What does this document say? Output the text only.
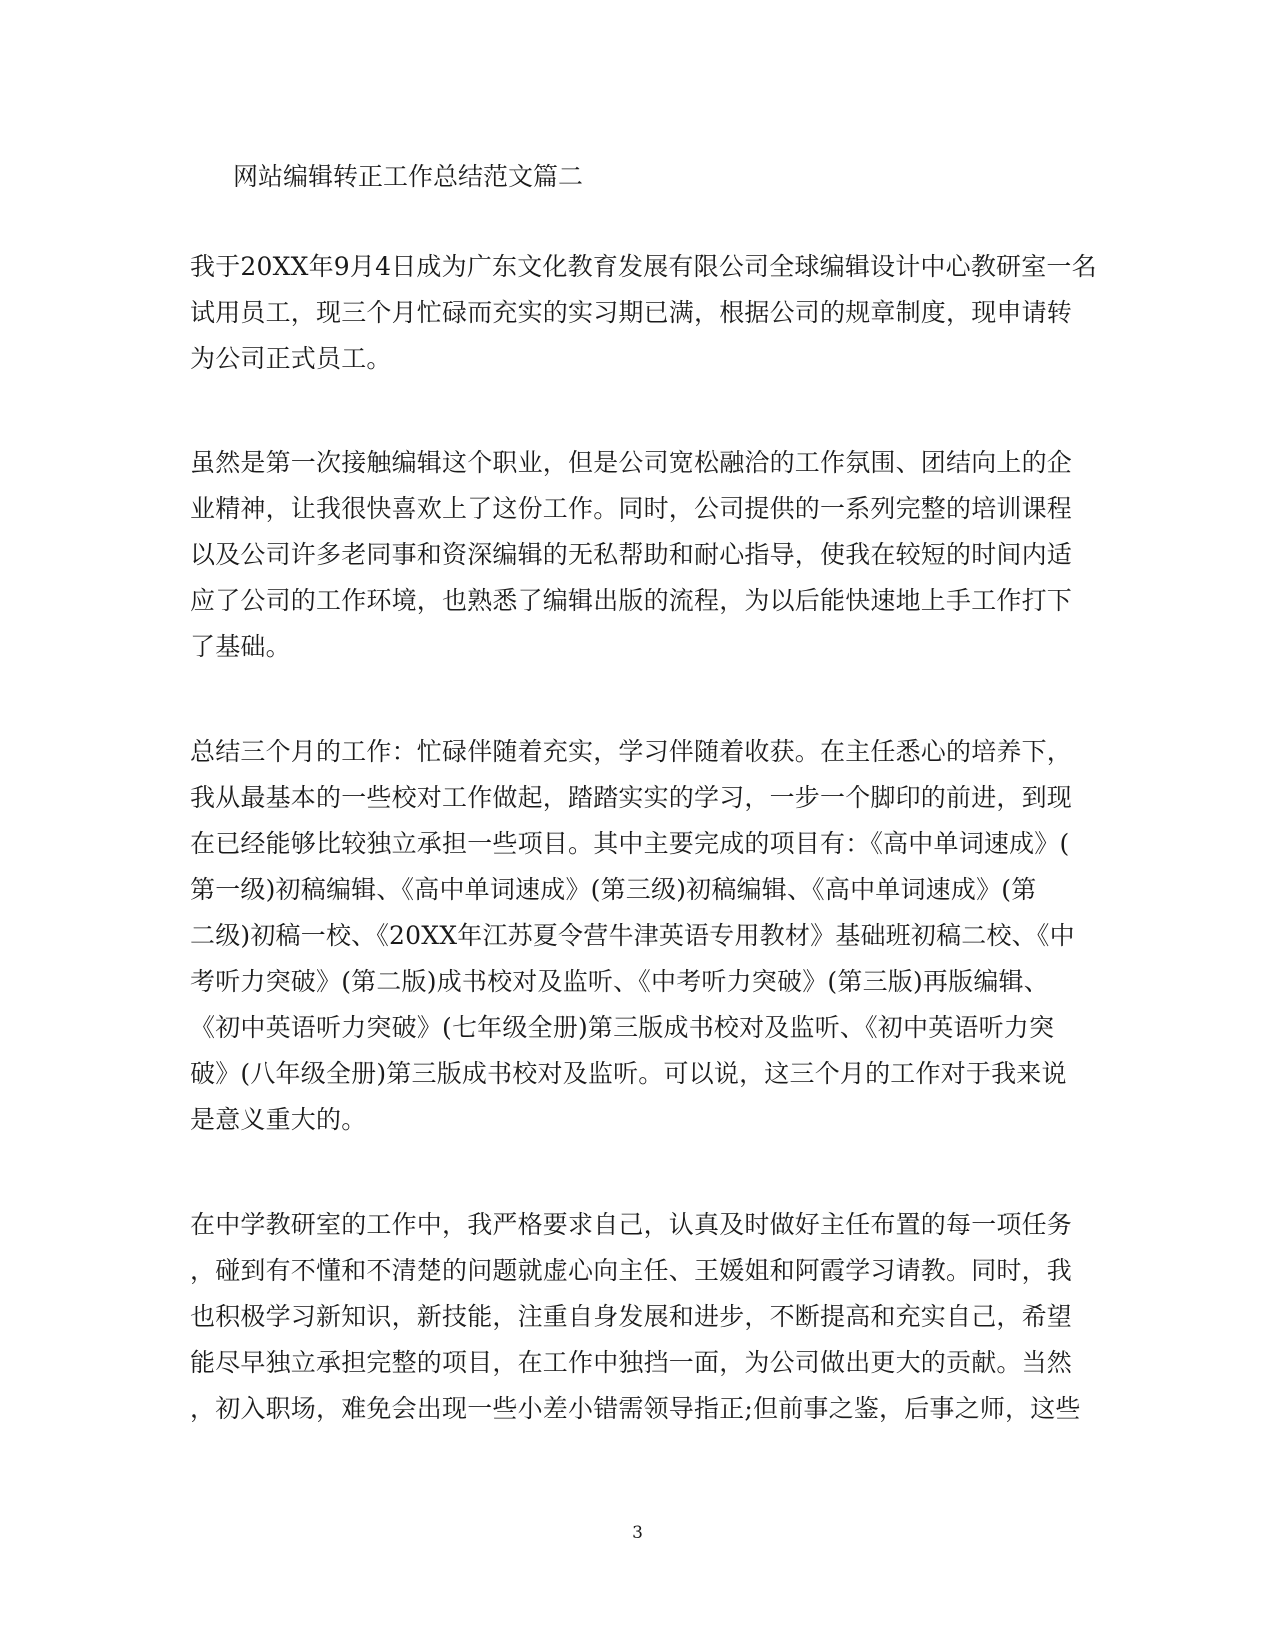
网站编辑转正工作总结范文篇二
我于20XX年9月4日成为广东文化教育发展有限公司全球编辑设计中心教研室一名
试用员工，现三个月忙碌而充实的实习期已满，根据公司的规章制度，现申请转
为公司正式员工。
虽然是第一次接触编辑这个职业，但是公司宽松融洽的工作氛围、团结向上的企
业精神，让我很快喜欢上了这份工作。同时，公司提供的一系列完整的培训课程
以及公司许多老同事和资深编辑的无私帮助和耐心指导，使我在较短的时间内适
应了公司的工作环境，也熟悉了编辑出版的流程，为以后能快速地上手工作打下
了基础。
总结三个月的工作：忙碌伴随着充实，学习伴随着收获。在主任悉心的培养下，
我从最基本的一些校对工作做起，踏踏实实的学习，一步一个脚印的前进，到现
在已经能够比较独立承担一些项目。其中主要完成的项目有：《高中单词速成》(
第一级)初稿编辑、《高中单词速成》(第三级)初稿编辑、《高中单词速成》(第
二级)初稿一校、《20XX年江苏夏令营牛津英语专用教材》基础班初稿二校、《中
考听力突破》(第二版)成书校对及监听、《中考听力突破》(第三版)再版编辑、
《初中英语听力突破》(七年级全册)第三版成书校对及监听、《初中英语听力突
破》(八年级全册)第三版成书校对及监听。可以说，这三个月的工作对于我来说
是意义重大的。
在中学教研室的工作中，我严格要求自己，认真及时做好主任布置的每一项任务
，碰到有不懂和不清楚的问题就虚心向主任、王媛姐和阿霞学习请教。同时，我
也积极学习新知识，新技能，注重自身发展和进步，不断提高和充实自己，希望
能尽早独立承担完整的项目，在工作中独挡一面，为公司做出更大的贡献。当然
，初入职场，难免会出现一些小差小错需领导指正;但前事之鉴，后事之师，这些
3
